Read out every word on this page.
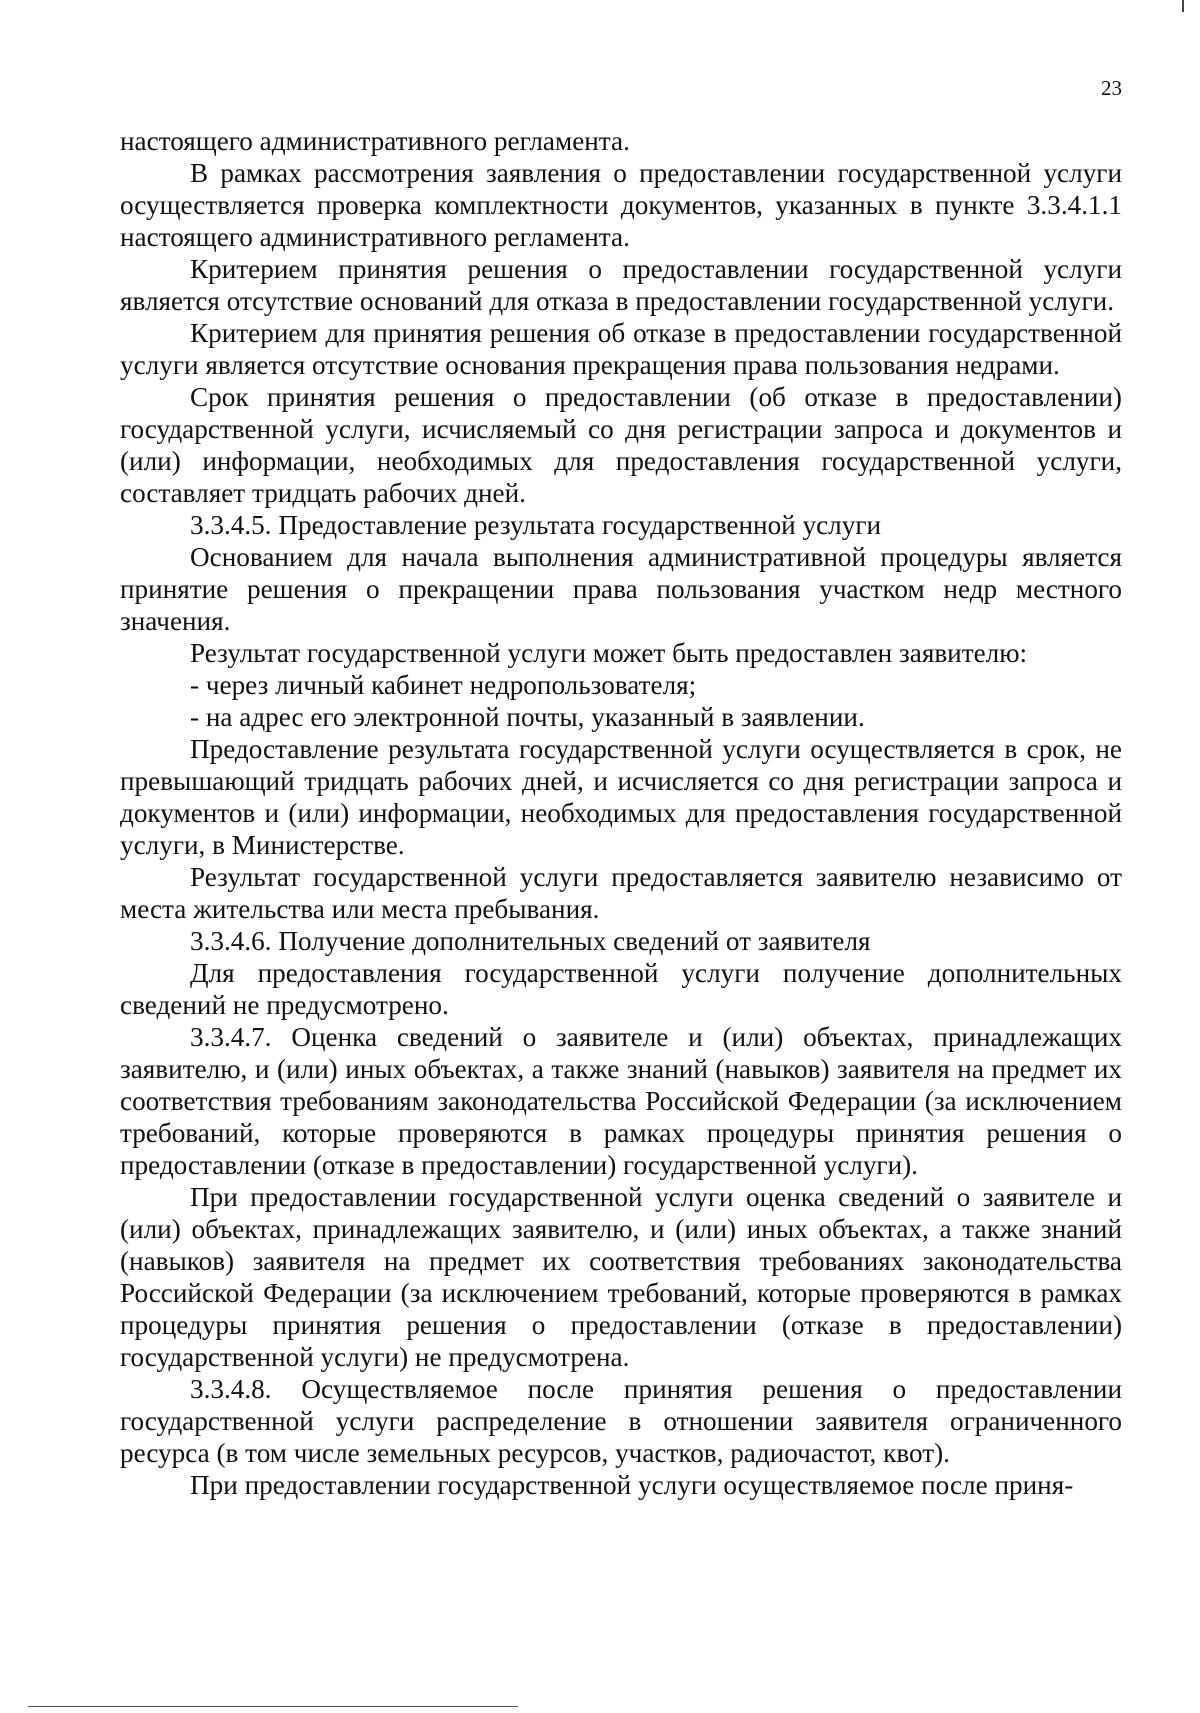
23

настоящего административного регламента.

В рамках рассмотрения заявления о предоставлении государственной услуги осуществляется проверка комплектности документов, указанных в пункте 3.3.4.1.1 настоящего административного регламента.

Критерием принятия решения о предоставлении государственной услуги является отсутствие оснований для отказа в предоставлении государственной услуги.

Критерием для принятия решения об отказе в предоставлении государственной услуги является отсутствие основания прекращения права пользования недрами.

Срок принятия решения о предоставлении (об отказе в предоставлении) государственной услуги, исчисляемый со дня регистрации запроса и документов и (или) информации, необходимых для предоставления государственной услуги, составляет тридцать рабочих дней.

3.3.4.5. Предоставление результата государственной услуги

Основанием для начала выполнения административной процедуры является принятие решения о прекращении права пользования участком недр местного значения.

Результат государственной услуги может быть предоставлен заявителю:

- через личный кабинет недропользователя;

- на адрес его электронной почты, указанный в заявлении.

Предоставление результата государственной услуги осуществляется в срок, не превышающий тридцать рабочих дней, и исчисляется со дня регистрации запроса и документов и (или) информации, необходимых для предоставления государственной услуги, в Министерстве.

Результат государственной услуги предоставляется заявителю независимо от места жительства или места пребывания.

3.3.4.6. Получение дополнительных сведений от заявителя

Для предоставления государственной услуги получение дополнительных сведений не предусмотрено.

3.3.4.7. Оценка сведений о заявителе и (или) объектах, принадлежащих заявителю, и (или) иных объектах, а также знаний (навыков) заявителя на предмет их соответствия требованиям законодательства Российской Федерации (за исключением требований, которые проверяются в рамках процедуры принятия решения о предоставлении (отказе в предоставлении) государственной услуги).

При предоставлении государственной услуги оценка сведений о заявителе и (или) объектах, принадлежащих заявителю, и (или) иных объектах, а также знаний (навыков) заявителя на предмет их соответствия требованиях законодательства Российской Федерации (за исключением требований, которые проверяются в рамках процедуры принятия решения о предоставлении (отказе в предоставлении) государственной услуги) не предусмотрена.

3.3.4.8. Осуществляемое после принятия решения о предоставлении государственной услуги распределение в отношении заявителя ограниченного ресурса (в том числе земельных ресурсов, участков, радиочастот, квот).

При предоставлении государственной услуги осуществляемое после приня-
